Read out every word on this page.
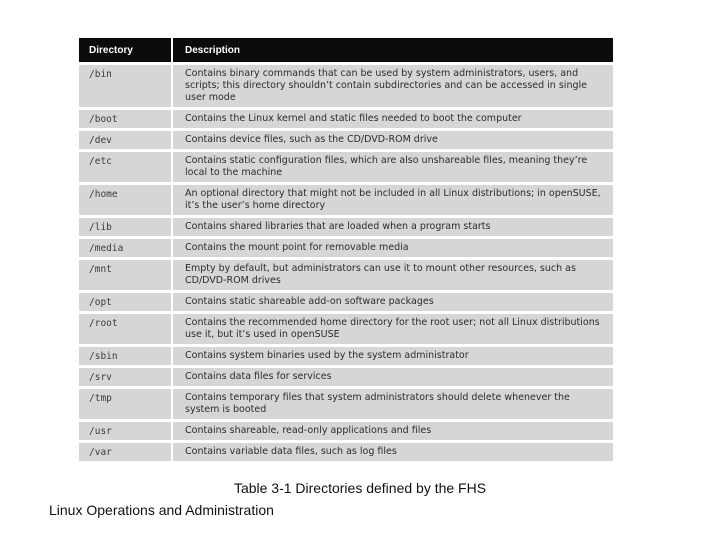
Directory	Description
/bin	Contains binary commands that can be used by system administrators, users, and scripts; this directory shouldn’t contain subdirectories and can be accessed in single user mode
/boot	Contains the Linux kernel and static files needed to boot the computer
/dev	Contains device files, such as the CD/DVD-ROM drive
/etc	Contains static configuration files, which are also unshareable files, meaning they’re local to the machine
/home	An optional directory that might not be included in all Linux distributions; in openSUSE, it’s the user’s home directory
/lib	Contains shared libraries that are loaded when a program starts
/media	Contains the mount point for removable media
/mnt	Empty by default, but administrators can use it to mount other resources, such as CD/DVD-ROM drives
/opt	Contains static shareable add-on software packages
/root	Contains the recommended home directory for the root user; not all Linux distributions use it, but it’s used in openSUSE
/sbin	Contains system binaries used by the system administrator
/srv	Contains data files for services
/tmp	Contains temporary files that system administrators should delete whenever the system is booted
/usr	Contains shareable, read-only applications and files
/var	Contains variable data files, such as log files
Table 3-1 Directories defined by the FHS
Linux Operations and Administration
